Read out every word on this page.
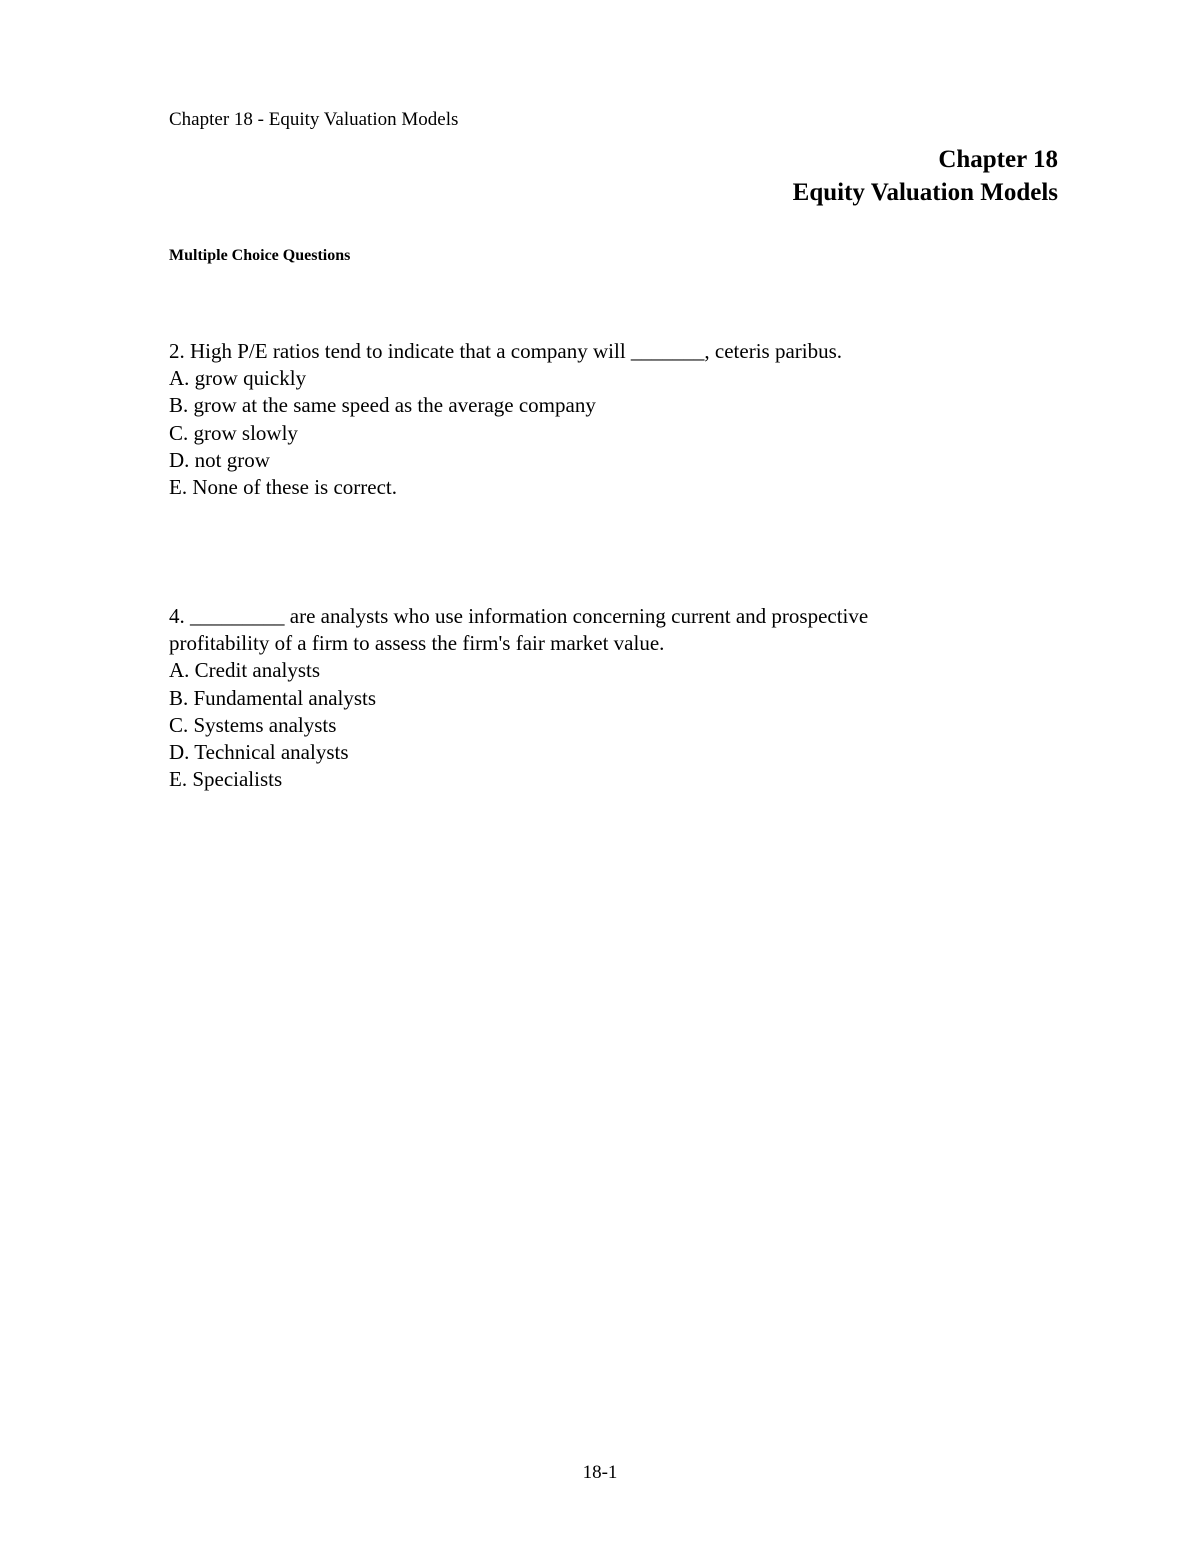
Chapter 18 - Equity Valuation Models
Chapter 18
Equity Valuation Models
Multiple Choice Questions
2. High P/E ratios tend to indicate that a company will _______, ceteris paribus.
A. grow quickly
B. grow at the same speed as the average company
C. grow slowly
D. not grow
E. None of these is correct.
4. _________ are analysts who use information concerning current and prospective
profitability of a firm to assess the firm's fair market value.
A. Credit analysts
B. Fundamental analysts
C. Systems analysts
D. Technical analysts
E. Specialists
18-1
